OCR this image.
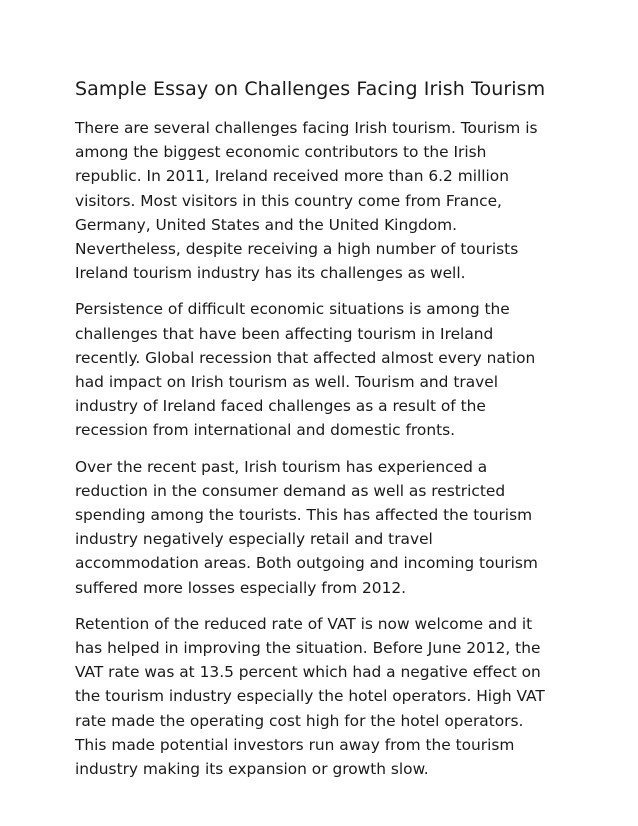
Sample Essay on Challenges Facing Irish Tourism

There are several challenges facing Irish tourism. Tourism is
among the biggest economic contributors to the Irish
republic. In 2011, Ireland received more than 6.2 million
visitors. Most visitors in this country come from France,
Germany, United States and the United Kingdom.
Nevertheless, despite receiving a high number of tourists
Ireland tourism industry has its challenges as well.

Persistence of difficult economic situations is among the
challenges that have been affecting tourism in Ireland
recently. Global recession that affected almost every nation
had impact on Irish tourism as well. Tourism and travel
industry of Ireland faced challenges as a result of the
recession from international and domestic fronts.

Over the recent past, Irish tourism has experienced a
reduction in the consumer demand as well as restricted
spending among the tourists. This has affected the tourism
industry negatively especially retail and travel
accommodation areas. Both outgoing and incoming tourism
suffered more losses especially from 2012.

Retention of the reduced rate of VAT is now welcome and it
has helped in improving the situation. Before June 2012, the
VAT rate was at 13.5 percent which had a negative effect on
the tourism industry especially the hotel operators. High VAT
rate made the operating cost high for the hotel operators.
This made potential investors run away from the tourism
industry making its expansion or growth slow.
